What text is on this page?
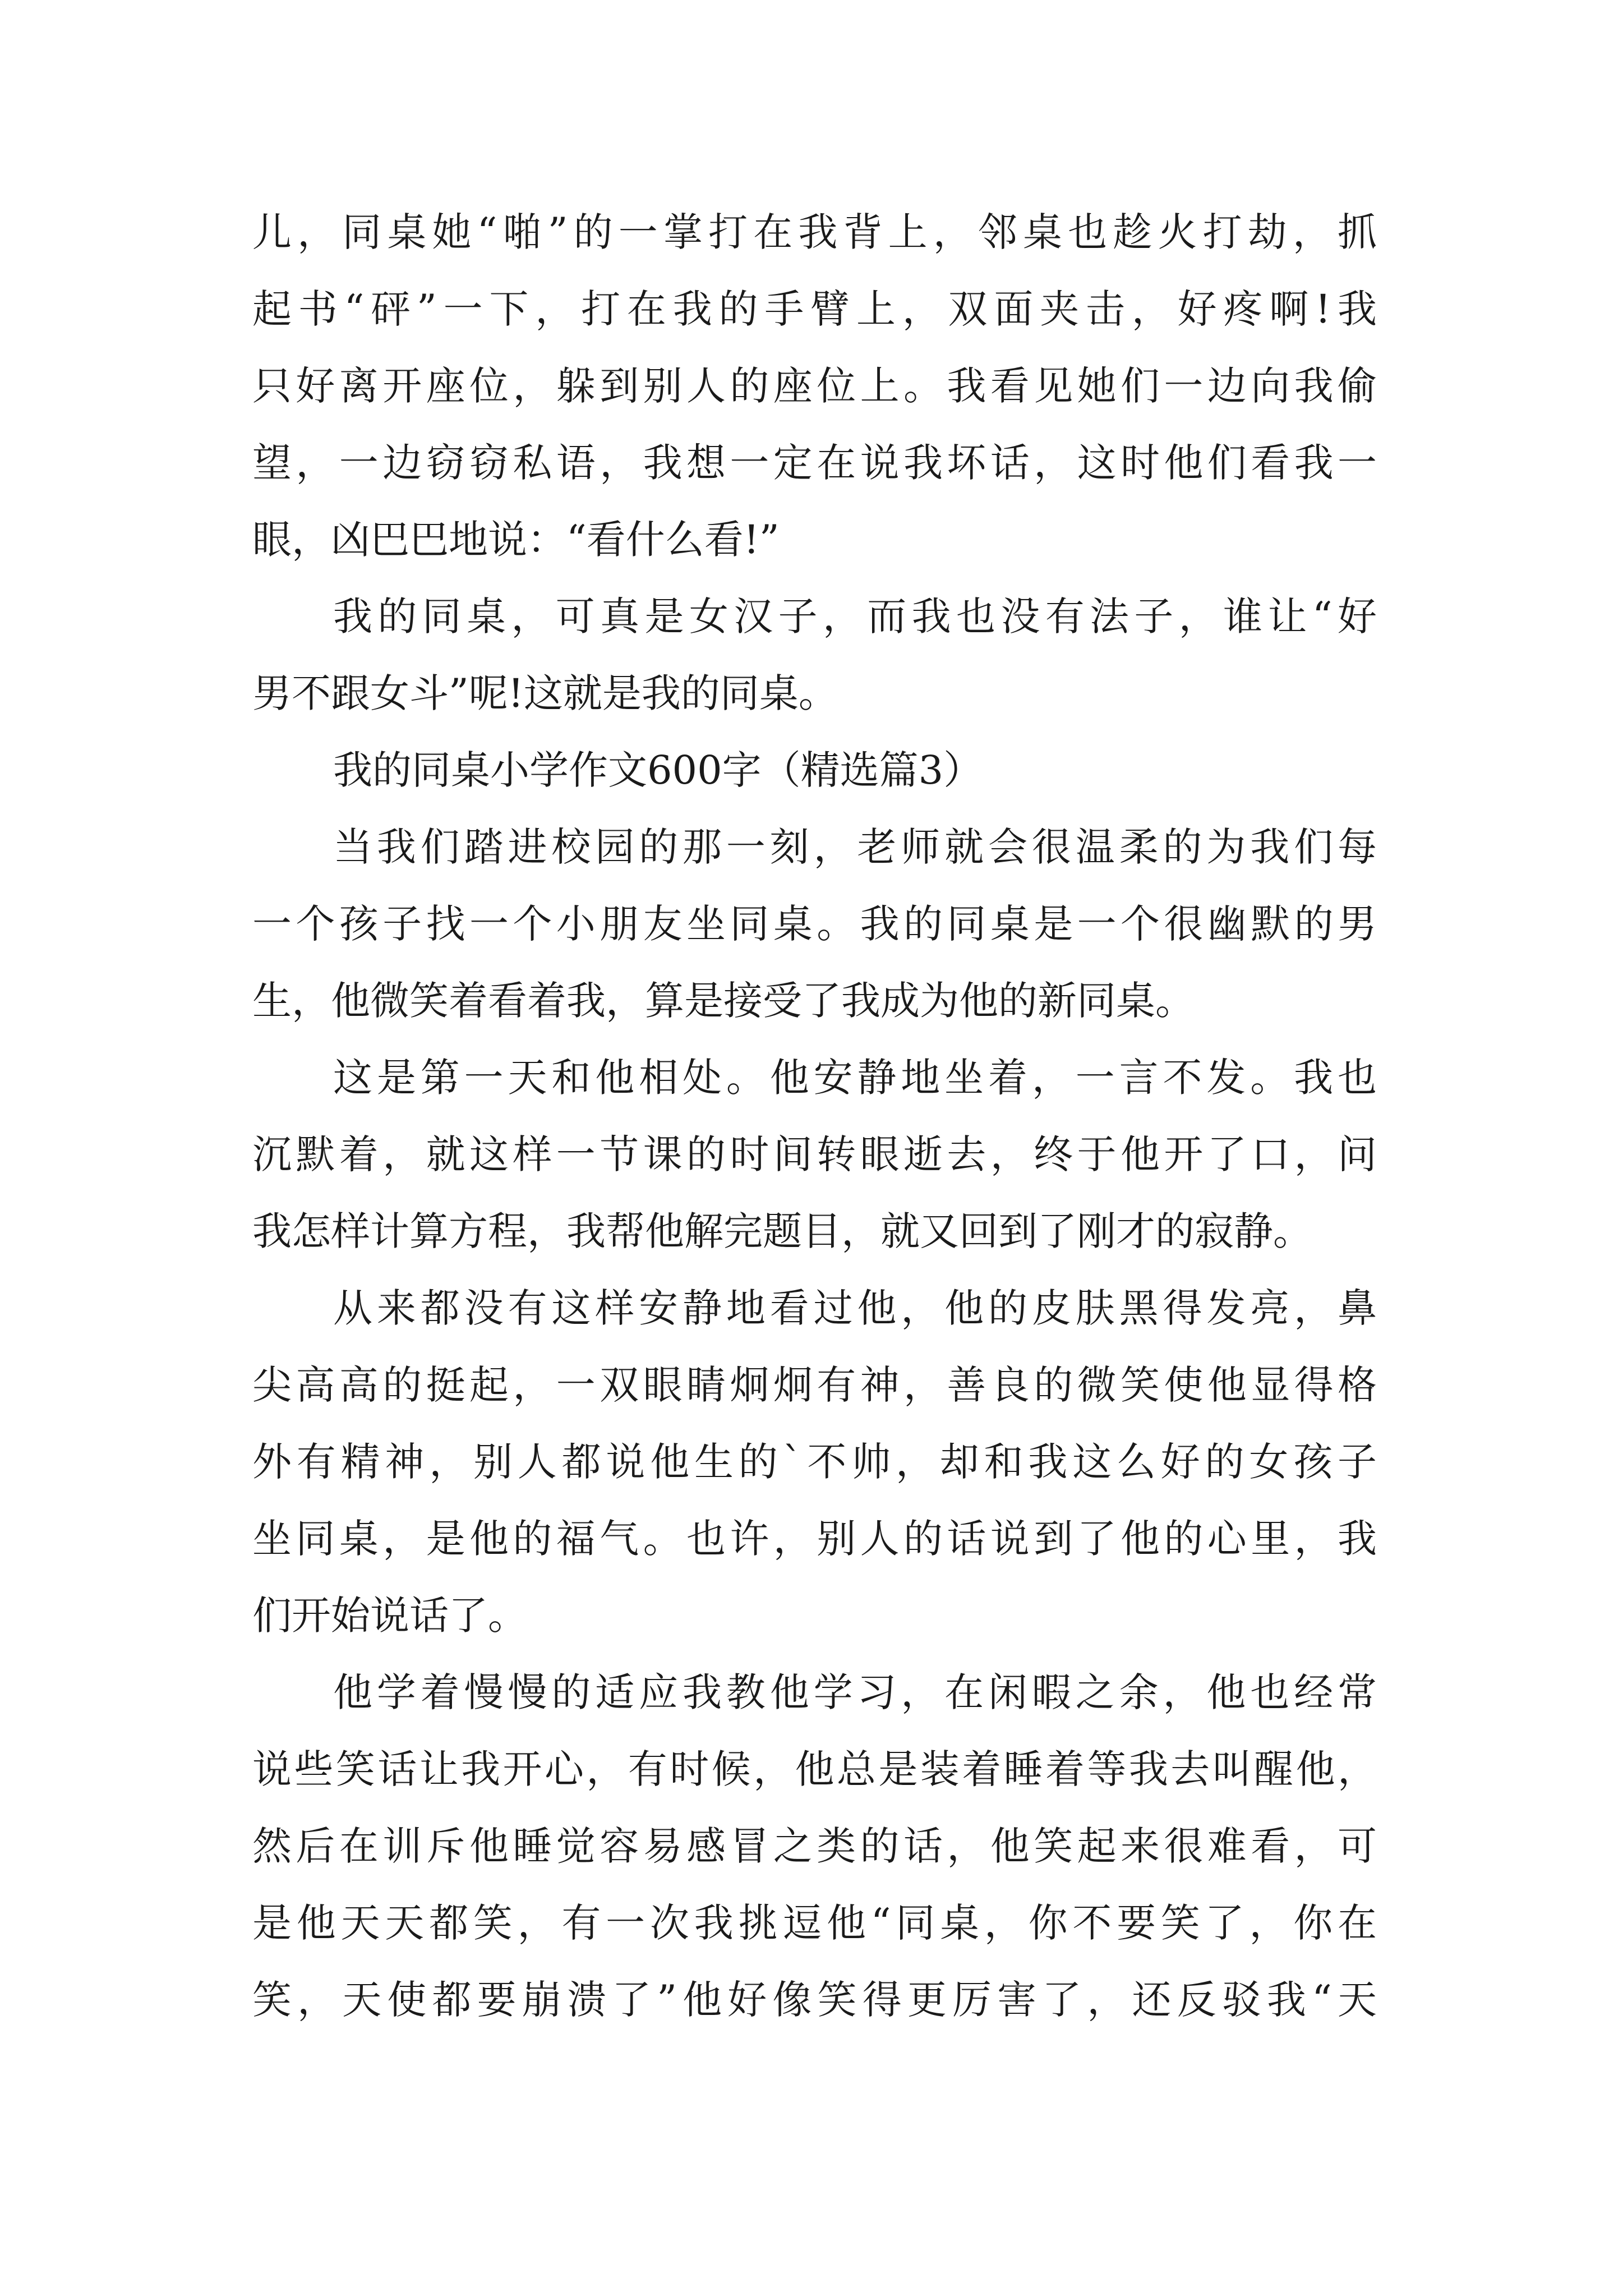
儿，同桌她“啪”的一掌打在我背上，邻桌也趁火打劫，抓
起书“砰”一下，打在我的手臂上，双面夹击，好疼啊!我
只好离开座位，躲到别人的座位上。我看见她们一边向我偷
望，一边窃窃私语，我想一定在说我坏话，这时他们看我一
眼，凶巴巴地说：“看什么看!”
我的同桌，可真是女汉子，而我也没有法子，谁让“好
男不跟女斗”呢!这就是我的同桌。
我的同桌小学作文600字（精选篇3）
当我们踏进校园的那一刻，老师就会很温柔的为我们每
一个孩子找一个小朋友坐同桌。我的同桌是一个很幽默的男
生，他微笑着看着我，算是接受了我成为他的新同桌。
这是第一天和他相处。他安静地坐着，一言不发。我也
沉默着，就这样一节课的时间转眼逝去，终于他开了口，问
我怎样计算方程，我帮他解完题目，就又回到了刚才的寂静。
从来都没有这样安静地看过他，他的皮肤黑得发亮，鼻
尖高高的挺起，一双眼睛炯炯有神，善良的微笑使他显得格
外有精神，别人都说他生的`不帅，却和我这么好的女孩子
坐同桌，是他的福气。也许，别人的话说到了他的心里，我
们开始说话了。
他学着慢慢的适应我教他学习，在闲暇之余，他也经常
说些笑话让我开心，有时候，他总是装着睡着等我去叫醒他，
然后在训斥他睡觉容易感冒之类的话，他笑起来很难看，可
是他天天都笑，有一次我挑逗他“同桌，你不要笑了，你在
笑，天使都要崩溃了”他好像笑得更厉害了，还反驳我“天
